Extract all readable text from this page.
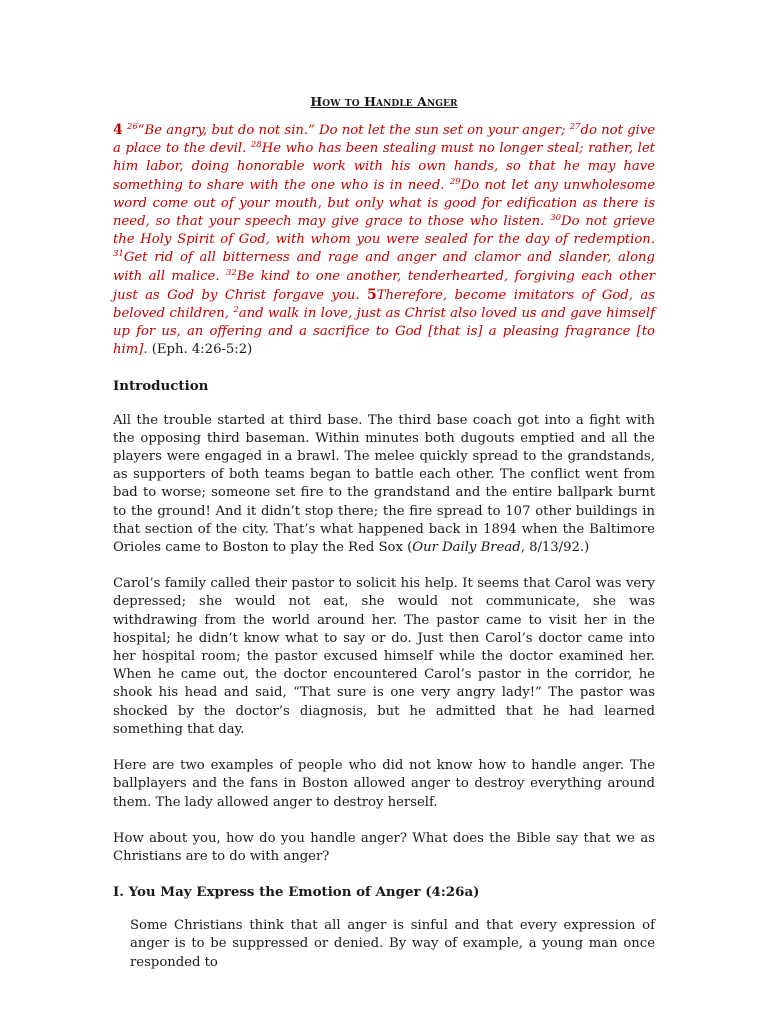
How to Handle Anger

4 $^{26}$“Be angry, but do not sin.” Do not let the sun set on your anger; $^{27}$do not give a place to the devil. $^{28}$He who has been stealing must no longer steal; rather, let him labor, doing honorable work with his own hands, so that he may have something to share with the one who is in need. $^{29}$Do not let any unwholesome word come out of your mouth, but only what is good for edification as there is need, so that your speech may give grace to those who listen. $^{30}$Do not grieve the Holy Spirit of God, with whom you were sealed for the day of redemption. $^{31}$Get rid of all bitterness and rage and anger and clamor and slander, along with all malice. $^{32}$Be kind to one another, tenderhearted, forgiving each other just as God by Christ forgave you. 5Therefore, become imitators of God, as beloved children, $^2$and walk in love, just as Christ also loved us and gave himself up for us, an offering and a sacrifice to God [that is] a pleasing fragrance [to him]. (Eph. 4:26-5:2)

Introduction

All the trouble started at third base. The third base coach got into a fight with the opposing third baseman. Within minutes both dugouts emptied and all the players were engaged in a brawl. The melee quickly spread to the grandstands, as supporters of both teams began to battle each other. The conflict went from bad to worse; someone set fire to the grandstand and the entire ballpark burnt to the ground! And it didn’t stop there; the fire spread to 107 other buildings in that section of the city. That’s what happened back in 1894 when the Baltimore Orioles came to Boston to play the Red Sox (Our Daily Bread, 8/13/92.)

Carol’s family called their pastor to solicit his help. It seems that Carol was very depressed; she would not eat, she would not communicate, she was withdrawing from the world around her. The pastor came to visit her in the hospital; he didn’t know what to say or do. Just then Carol’s doctor came into her hospital room; the pastor excused himself while the doctor examined her. When he came out, the doctor encountered Carol’s pastor in the corridor, he shook his head and said, “That sure is one very angry lady!” The pastor was shocked by the doctor’s diagnosis, but he admitted that he had learned something that day.

Here are two examples of people who did not know how to handle anger. The ballplayers and the fans in Boston allowed anger to destroy everything around them. The lady allowed anger to destroy herself.

How about you, how do you handle anger? What does the Bible say that we as Christians are to do with anger?

I. You May Express the Emotion of Anger (4:26a)

Some Christians think that all anger is sinful and that every expression of anger is to be suppressed or denied. By way of example, a young man once responded to
